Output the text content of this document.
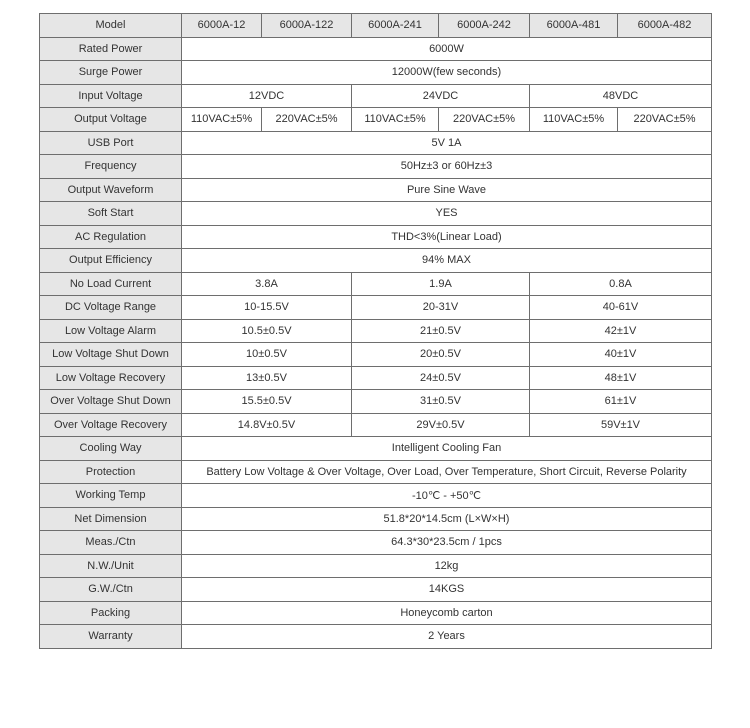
Model	6000A-12	6000A-122	6000A-241	6000A-242	6000A-481	6000A-482
Rated Power	6000W					
Surge Power	12000W(few seconds)					
Input Voltage	12VDC		24VDC		48VDC	
Output Voltage	110VAC±5%	220VAC±5%	110VAC±5%	220VAC±5%	110VAC±5%	220VAC±5%
USB Port	5V 1A					
Frequency	50Hz±3 or 60Hz±3					
Output Waveform	Pure Sine Wave					
Soft Start	YES					
AC Regulation	THD<3%(Linear Load)					
Output Efficiency	94% MAX					
No Load Current	3.8A		1.9A		0.8A	
DC Voltage Range	10-15.5V		20-31V		40-61V	
Low Voltage Alarm	10.5±0.5V		21±0.5V		42±1V	
Low Voltage Shut Down	10±0.5V		20±0.5V		40±1V	
Low Voltage Recovery	13±0.5V		24±0.5V		48±1V	
Over Voltage Shut Down	15.5±0.5V		31±0.5V		61±1V	
Over Voltage Recovery	14.8V±0.5V		29V±0.5V		59V±1V	
Cooling Way	Intelligent Cooling Fan					
Protection	Battery Low Voltage & Over Voltage, Over Load, Over Temperature, Short Circuit, Reverse Polarity					
Working Temp	-10℃ - +50℃					
Net Dimension	51.8*20*14.5cm (L×W×H)					
Meas./Ctn	64.3*30*23.5cm / 1pcs					
N.W./Unit	12kg					
G.W./Ctn	14KGS					
Packing	Honeycomb carton					
Warranty	2 Years					
